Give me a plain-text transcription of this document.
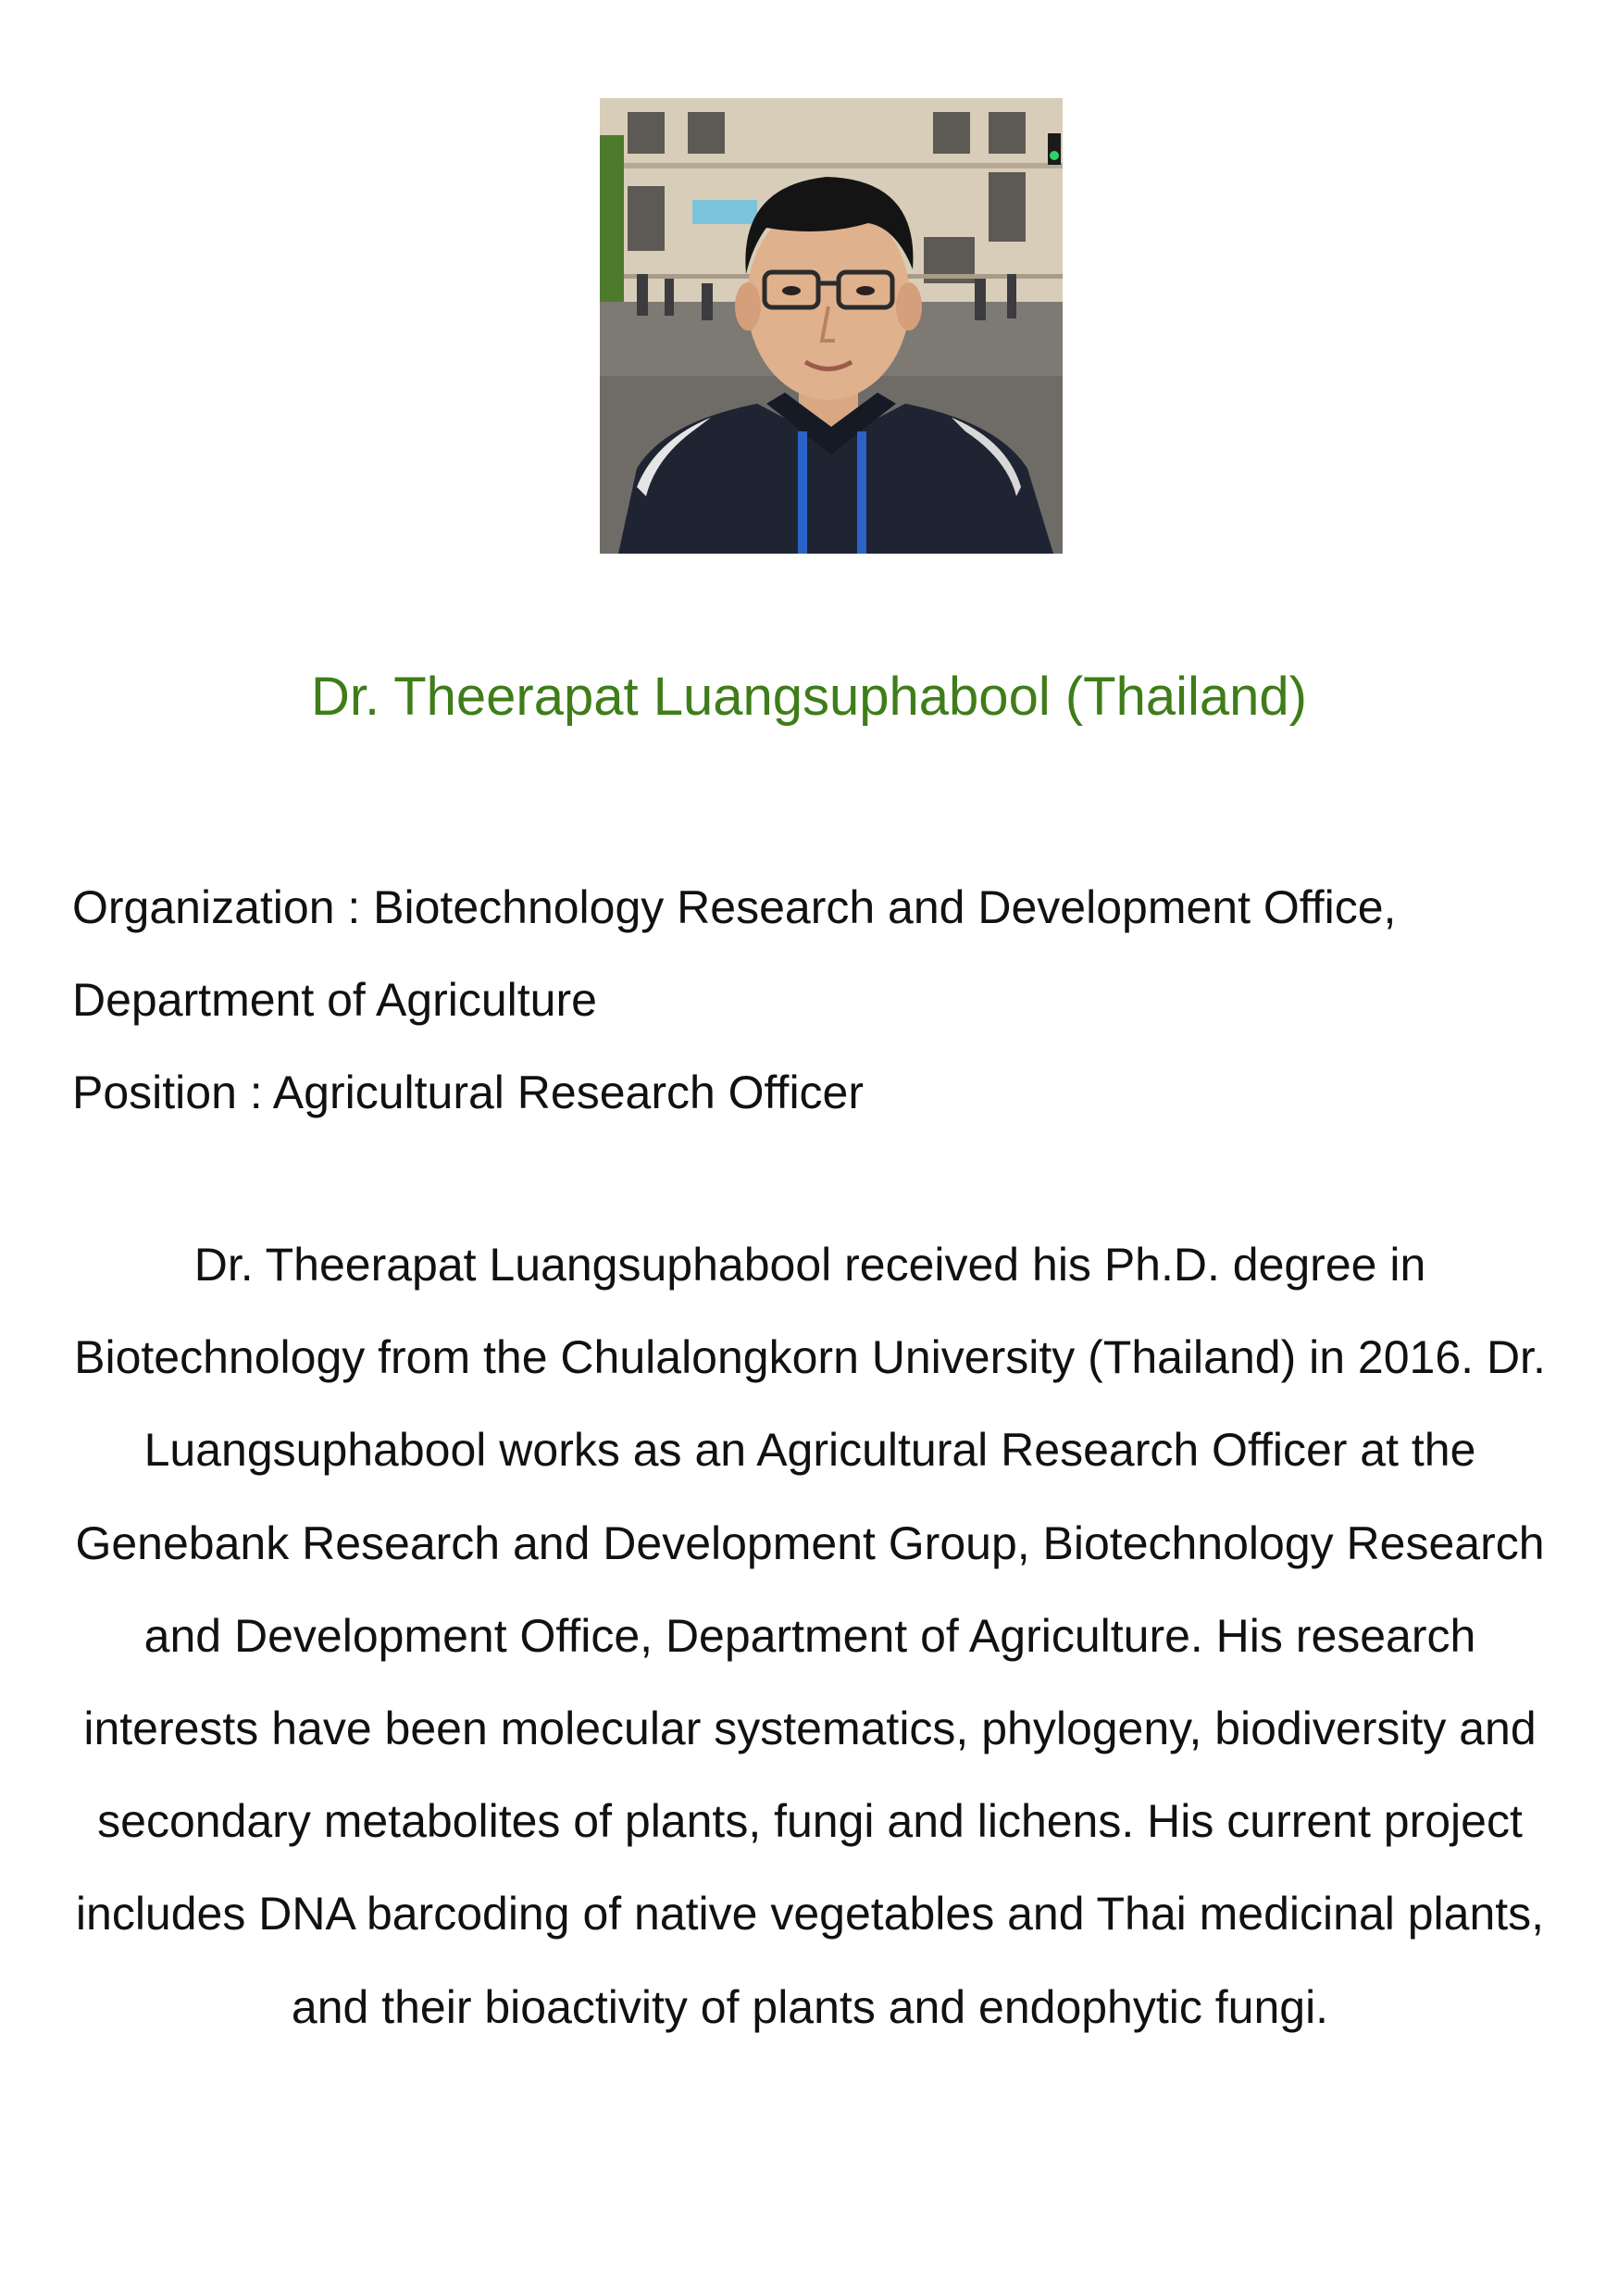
Dr. Theerapat Luangsuphabool (Thailand)

Organization : Biotechnology Research and Development Office,

Department of Agriculture

Position : Agricultural Research Officer

Dr. Theerapat Luangsuphabool received his Ph.D. degree in Biotechnology from the Chulalongkorn University (Thailand) in 2016. Dr. Luangsuphabool works as an Agricultural Research Officer at the Genebank Research and Development Group, Biotechnology Research and Development Office, Department of Agriculture. His research interests have been molecular systematics, phylogeny, biodiversity and secondary metabolites of plants, fungi and lichens. His current project includes DNA barcoding of native vegetables and Thai medicinal plants, and their bioactivity of plants and endophytic fungi.
